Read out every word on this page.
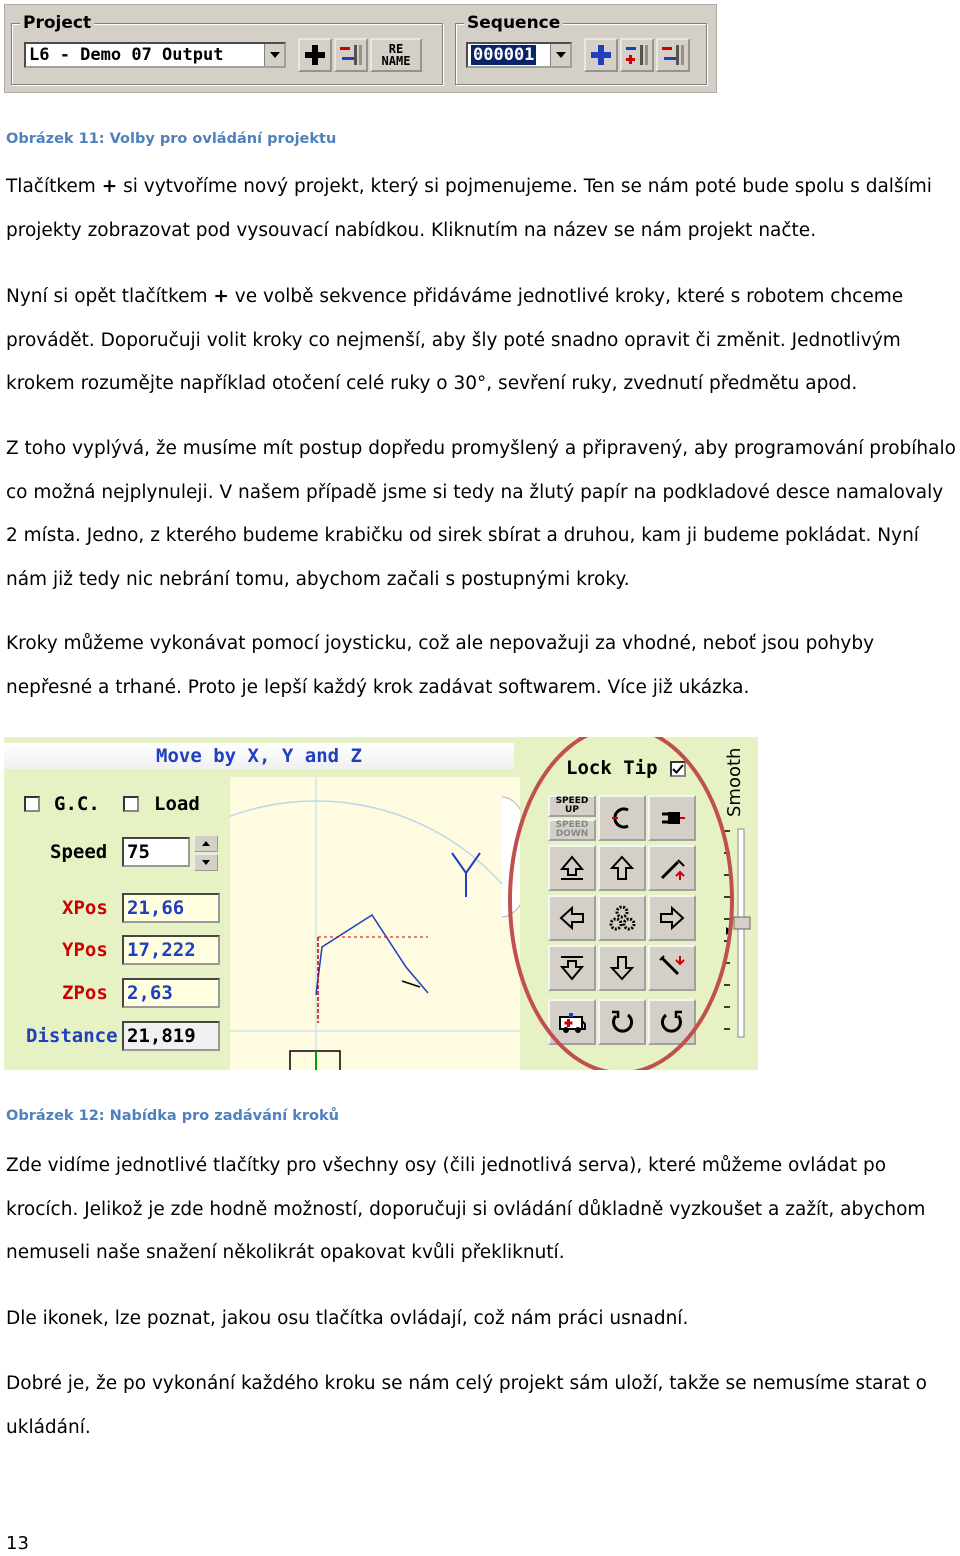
Project
L6 - Demo 07 Output	RE
NAME
Sequence
000001
Obrázek 11: Volby pro ovládání projektu

Tlačítkem + si vytvoříme nový projekt, který si pojmenujeme. Ten se nám poté bude spolu s dalšími projekty zobrazovat pod vysouvací nabídkou. Kliknutím na název se nám projekt načte.

Nyní si opět tlačítkem + ve volbě sekvence přidáváme jednotlivé kroky, které s robotem chceme provádět. Doporučuji volit kroky co nejmenší, aby šly poté snadno opravit či změnit. Jednotlivým krokem rozumějte například otočení celé ruky o 30°, sevření ruky, zvednutí předmětu apod.

Z toho vyplývá, že musíme mít postup dopředu promyšlený a připravený, aby programování probíhalo co možná nejplynuleji. V našem případě jsme si tedy na žlutý papír na podkladové desce namalovaly 2 místa. Jedno, z kterého budeme krabičku od sirek sbírat a druhou, kam ji budeme pokládat. Nyní nám již tedy nic nebrání tomu, abychom začali s postupnými kroky.

Kroky můžeme vykonávat pomocí joysticku, což ale nepovažuji za vhodné, neboť jsou pohyby nepřesné a trhané. Proto je lepší každý krok zadávat softwarem. Více již ukázka.

Move by X, Y and Z
G.C.	Load
Speed 75
XPos 21,66
YPos 17,222
ZPos 2,63
Distance 21,819
Lock Tip	Smooth
SPEED
UP
SPEED
DOWN
Obrázek 12: Nabídka pro zadávání kroků

Zde vidíme jednotlivé tlačítky pro všechny osy (čili jednotlivá serva), které můžeme ovládat po krocích. Jelikož je zde hodně možností, doporučuji si ovládání důkladně vyzkoušet a zažít, abychom nemuseli naše snažení několikrát opakovat kvůli překliknutí.

Dle ikonek, lze poznat, jakou osu tlačítka ovládají, což nám práci usnadní.

Dobré je, že po vykonání každého kroku se nám celý projekt sám uloží, takže se nemusíme starat o ukládání.

13
